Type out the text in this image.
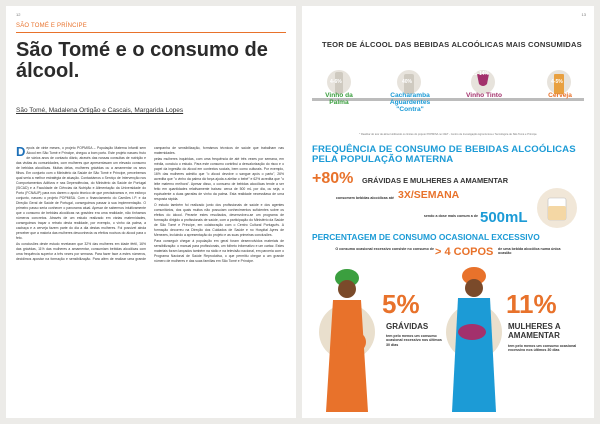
12
SÃO TOMÉ E PRÍNCIPE
São Tomé e o consumo de álcool.
São Tomé, Madalena Ortigão e Cascais, Margarida Lopes

Depois de vinte meses, o projeto POPMISA – População Materna Infantil sem Álcool em São Tomé e Príncipe, chegou a bom porto. Este projeto nasceu fruto de vários anos de contacto diário, através das nossas consultas de nutrição e das visitas às comunidades, com mulheres que apresentavam um elevado consumo de bebidas alcoólicas. Muitas delas, mulheres grávidas ou a amamentar os seus filhos. Em conjunto com o Ministério da Saúde de São Tomé e Príncipe, percebemos qual seria a melhor estratégia de atuação. Contactámos o Serviço de Intervenção nos Comportamentos Aditivos e nas Dependências, do Ministério da Saúde de Portugal (SICAD) e a Faculdade de Ciências da Nutrição e Alimentação da Universidade do Porto (FCNAUP) para nos darem o apoio técnico de que precisávamos e, em esforço conjunto, nasceu o projeto POPMISA. Com o financiamento do Camões I.P. e da Direção Geral de Saúde de Portugal, conseguimos passar à sua implementação. O primeiro passo seria conhecer o panorama atual. Apesar de sabermos intuitivamente que o consumo de bebidas alcoólicas na gravidez era uma realidade, não tínhamos números concretos. Através de um estudo realizado em várias maternidades, conseguimos traçar o retrato desta realidade, por exemplo, o vinho da palma, a cachaça e a cerveja fazem parte do dia a dia destas mulheres. Foi possível ainda perceber que a maioria das mulheres desconhecia os efeitos nocivos do álcool para o feto.

As conclusões deste estudo revelaram que 32% das mulheres em idade fértil, 16% das grávidas, 11% das mulheres a amamentar, consumiam bebidas alcoólicas com uma frequência superior a três vezes por semana. Para fazer face a estes números, decidimos apostar na formação e sensibilização. Para além de realizar uma grande campanha de sensibilização, formámos técnicos de saúde que trabalham nas maternidades.

pelas mulheres inquiridas, com uma frequência de até três vezes por semana, em média, concluiu o estudo. Para este consumo contribui a desvalorização do risco e o papel da ingestão do álcool em contextos sociais, bem como culturais. Por exemplo, 16% das mulheres admitiu que "o álcool devolve o sangue após o parto", 26% acredita que "o vinho da palma dá força ajuda a aleitar o bebé" e 62% acredita que "o leite materno melhora". Apesar disso, o consumo de bebidas alcoólicas tende a ser feito em quantidades relativamente baixas: cerca de 500 mL por dia, ou seja, o equivalente a duas garrafas de vinho da palma. Esta realidade necessitava de uma resposta rápida.

O estudo também foi realizado junto dos profissionais de saúde e dos agentes comunitários, dos quais muitos não possuíam conhecimentos suficientes sobre os efeitos do álcool. Perante estes resultados, desenvolveu-se um programa de formação dirigido a profissionais de saúde, com a participação do Ministério da Saúde de São Tomé e Príncipe, em colaboração com o Centro Cultural Português. A formação decorreu na Direção dos Cuidados de Saúde e no Hospital Ayres de Menezes, incluindo a apresentação do projeto e as suas primeiras conclusões.

Para conseguir chegar à população em geral foram desenvolvidos materiais de sensibilização: o manual para profissionais, um folheto informativo e um cartaz. Estes materiais foram lançados também na rádio e na televisão nacional, em parceria com o Programa Nacional de Saúde Reprodutiva, o que permitiu chegar a um grande número de mulheres e das suas famílias em São Tomé e Príncipe.

13
TEOR DE ÁLCOOL DAS BEBIDAS ALCOÓLICAS MAIS CONSUMIDAS
4-6%	40%
11-14%
4-5%
Vinho da Palma
Cacharamba Aguardentes "Contra"
Vinho Tinto	Cerveja
* Realizar do teor de álcool utilizando os limites do projeto POPMISA no CIET - Centro de Investigação Agronómica e Tecnológica de São Tomé e Príncipe
FREQUÊNCIA DE CONSUMO DE BEBIDAS ALCOÓLICAS PELA POPULAÇÃO MATERNA
+80% GRÁVIDAS E MULHERES A AMAMENTAR
consomem bebidas alcoólicas até 3X/SEMANA
sendo a dose mais comum a de 500mL
PERCENTAGEM DE CONSUMO OCASIONAL EXCESSIVO
O consumo ocasional excessivo consiste no consumo de > 4 COPOS de uma bebida alcoólica numa única ocasião
5%
GRÁVIDAS
tem pelo menos um consumo ocasional excessivo nos últimos 30 dias
11%
MULHERES A AMAMENTAR
tem pelo menos um consumo ocasional excessivo nos últimos 30 dias
